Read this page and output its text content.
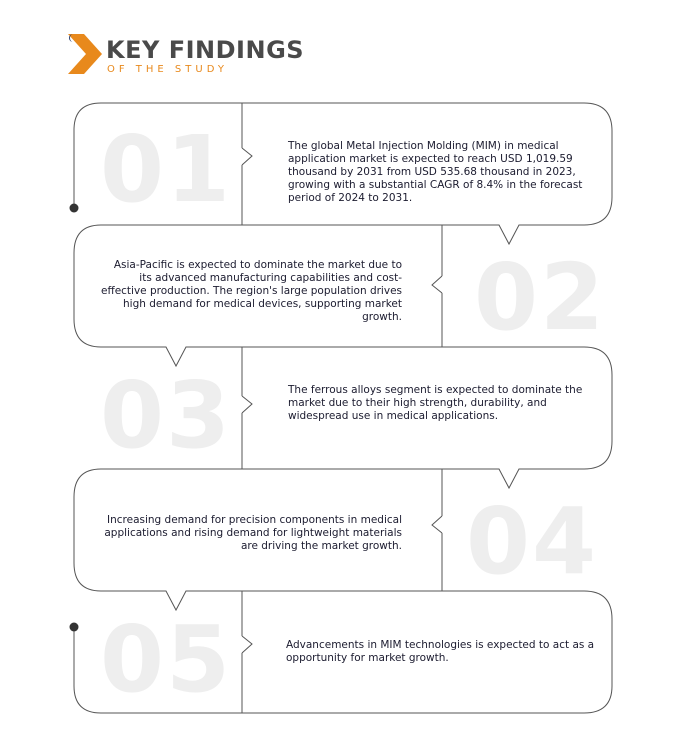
KEY FINDINGS
OF THE STUDY
01	The global Metal Injection Molding (MIM) in medical application market is expected to reach USD 1,019.59 thousand by 2031 from USD 535.68 thousand in 2023, growing with a substantial CAGR of 8.4% in the forecast period of 2024 to 2031.
02
Asia-Pacific is expected to dominate the market due to its advanced manufacturing capabilities and cost-effective production. The region's large population drives high demand for medical devices, supporting market growth.
03	The ferrous alloys segment is expected to dominate the market due to their high strength, durability, and widespread use in medical applications.
04
Increasing demand for precision components in medical applications and rising demand for lightweight materials are driving the market growth.
05	Advancements in MIM technologies is expected to act as a opportunity for market growth.
